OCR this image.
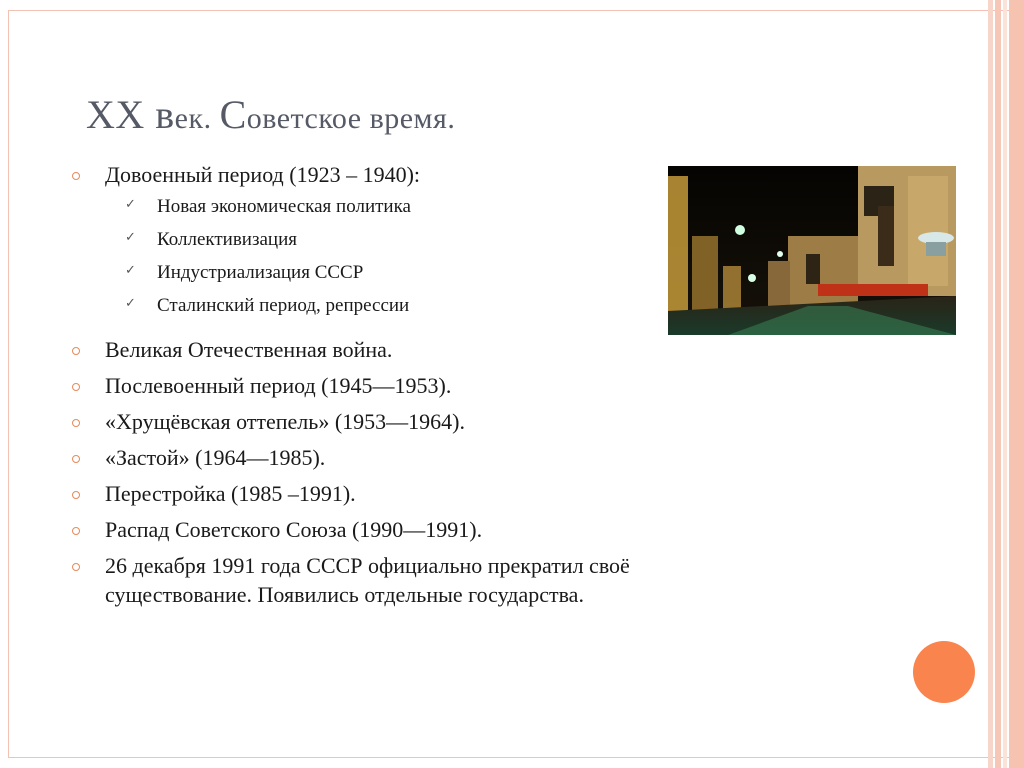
XX век. Советское время.
Довоенный период (1923 – 1940):
✓ Новая экономическая политика
✓ Коллективизация
✓ Индустриализация СССР
✓ Сталинский период, репрессии
Великая Отечественная война.
Послевоенный период (1945—1953).
«Хрущёвская оттепель» (1953—1964).
«Застой» (1964—1985).
Перестройка (1985 –1991).
Распад Советского Союза (1990—1991).
26 декабря 1991 года СССР официально прекратил своё существование. Появились отдельные государства.
